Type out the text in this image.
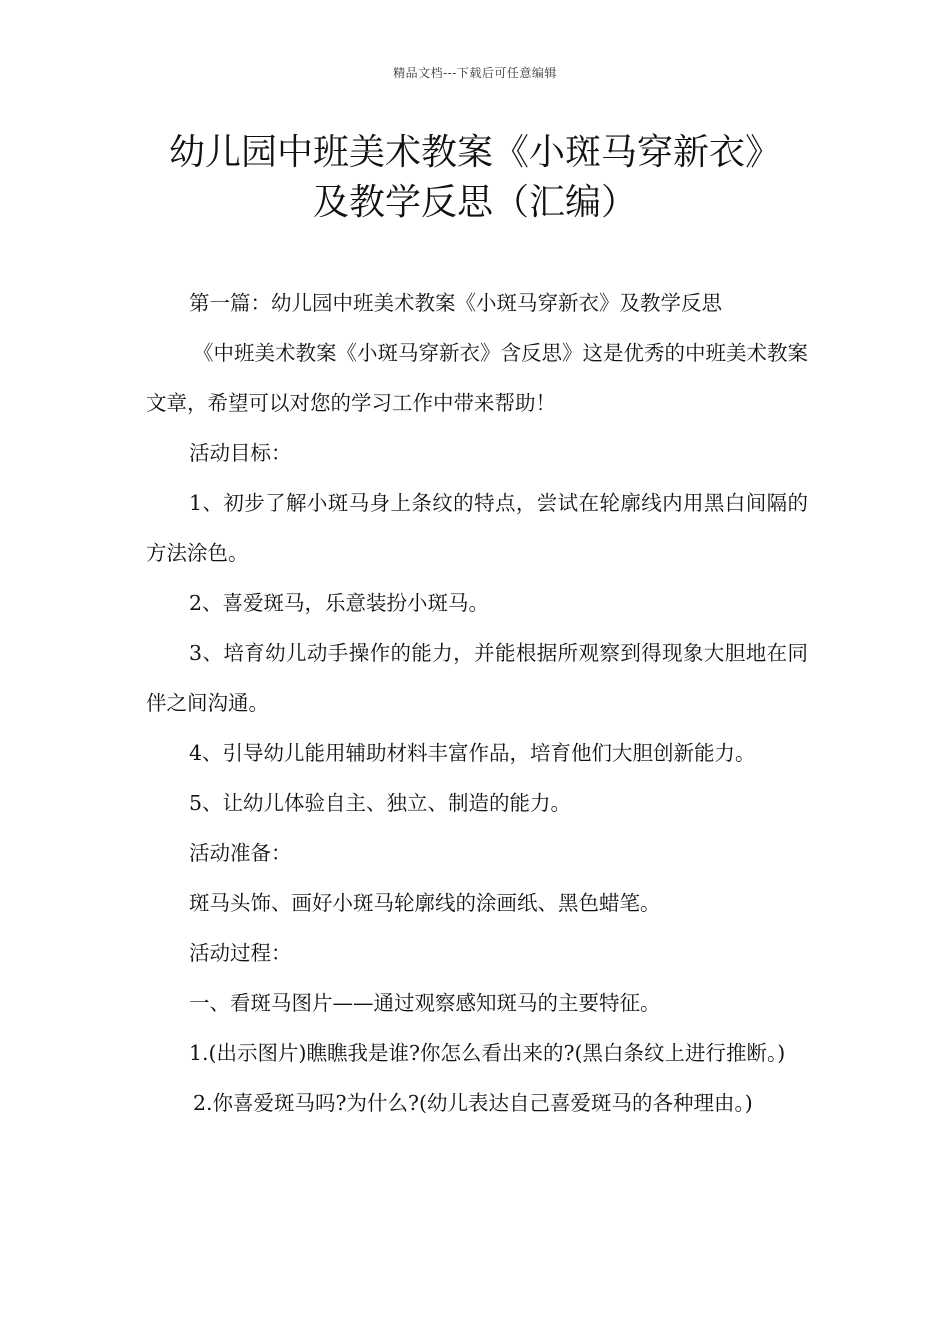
精品文档---下载后可任意编辑
幼儿园中班美术教案《小斑马穿新衣》
及教学反思（汇编）

第一篇：幼儿园中班美术教案《小斑马穿新衣》及教学反思

《中班美术教案《小斑马穿新衣》含反思》这是优秀的中班美术教案文章，希望可以对您的学习工作中带来帮助！

活动目标：

1、初步了解小斑马身上条纹的特点，尝试在轮廓线内用黑白间隔的方法涂色。

2、喜爱斑马，乐意装扮小斑马。

3、培育幼儿动手操作的能力，并能根据所观察到得现象大胆地在同伴之间沟通。

4、引导幼儿能用辅助材料丰富作品，培育他们大胆创新能力。

5、让幼儿体验自主、独立、制造的能力。

活动准备：

斑马头饰、画好小斑马轮廓线的涂画纸、黑色蜡笔。

活动过程：

一、看斑马图片——通过观察感知斑马的主要特征。

1.(出示图片)瞧瞧我是谁?你怎么看出来的?(黑白条纹上进行推断。)

2.你喜爱斑马吗?为什么?(幼儿表达自己喜爱斑马的各种理由。)
